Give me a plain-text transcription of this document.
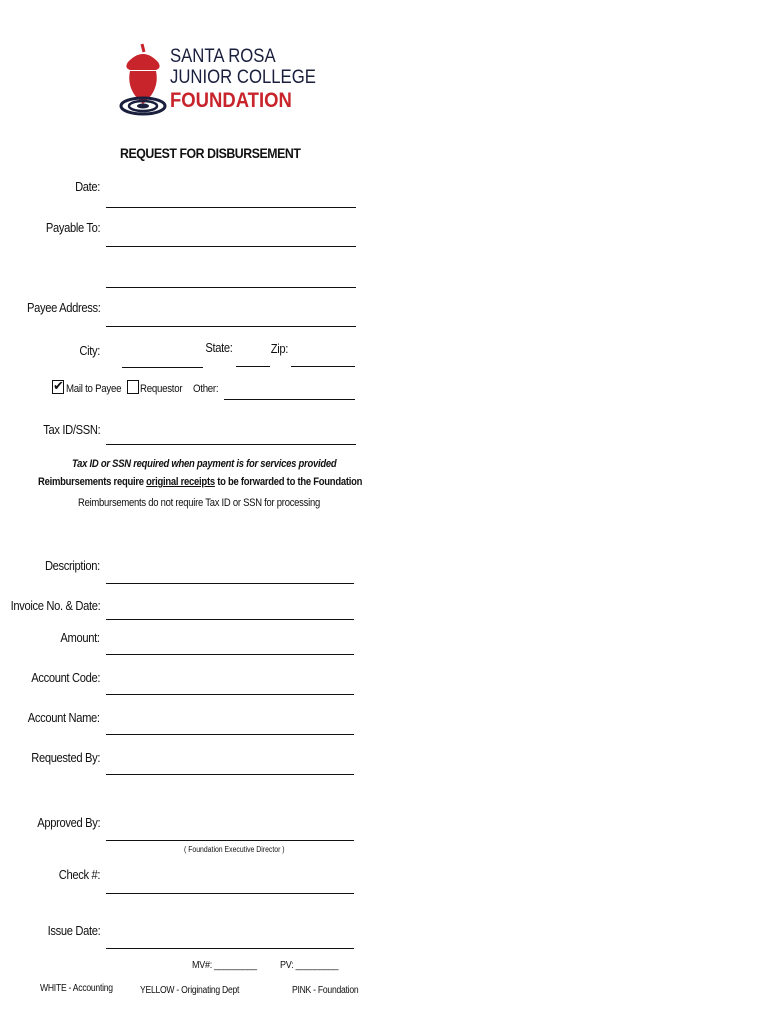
SANTA ROSA
JUNIOR COLLEGE
FOUNDATION
REQUEST FOR DISBURSEMENT
Date:
Payable To:
Payee Address:
City:	State:	Zip:
✔ Mail to Payee Requestor Other:
Tax ID/SSN:
Tax ID or SSN required when payment is for services provided
Reimbursements require original receipts to be forwarded to the Foundation
Reimbursements do not require Tax ID or SSN for processing
Description:
Invoice No. & Date:
Amount:
Account Code:
Account Name:
Requested By:
Approved By:
( Foundation Executive Director )
Check #:
Issue Date:
MV#: _________ PV: _________
WHITE - Accounting	YELLOW - Originating Dept	PINK - Foundation
